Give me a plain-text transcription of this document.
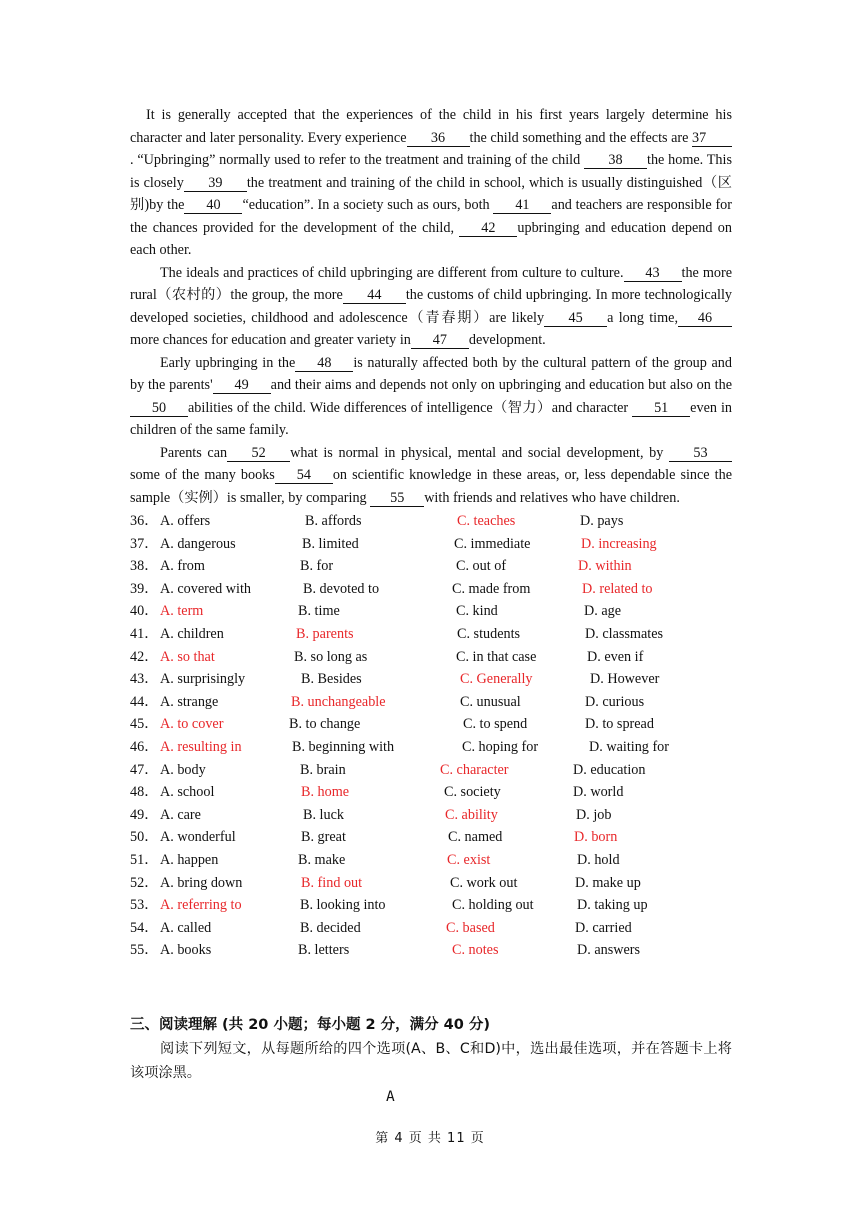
It is generally accepted that the experiences of the child in his first years largely determine his character and later personality. Every experience 36 the child something and the effects are 37. “Upbringing” normally used to refer to the treatment and training of the child 38 the home. This is closely 39 the treatment and training of the child in school, which is usually distinguished（区别)by the 40 “education”. In a society such as ours, both 41 and teachers are responsible for the chances provided for the development of the child, 42 upbringing and education depend on each other.

The ideals and practices of child upbringing are different from culture to culture. 43 the more rural（农村的）the group, the more 44 the customs of child upbringing. In more technologically developed societies, childhood and adolescence（青春期）are likely 45 a long time, 46more chances for education and greater variety in 47 development.

Early upbringing in the 48 is naturally affected both by the cultural pattern of the group and by the parents' 49 and their aims and depends not only on upbringing and education but also on the50 abilities of the child. Wide differences of intelligence（智力）and character 51 even in children of the same family.

Parents can 52 what is normal in physical, mental and social development, by 53some of the many books 54 on scientific knowledge in these areas, or, less dependable since the sample（实例）is smaller, by comparing 55 with friends and relatives who have children.

36． A. offers	B. affords	C. teaches	D. pays
37． A. dangerous	B. limited	C. immediate	D. increasing
38． A. from	B. for	C. out of	D. within
39． A. covered with	B. devoted to	C. made from	D. related to
40． A. term	B. time	C. kind	D. age
41． A. children	B. parents	C. students	D. classmates
42． A. so that	B. so long as	C. in that case	D. even if
43． A. surprisingly	B. Besides	C. Generally	D. However
44． A. strange	B. unchangeable	C. unusual	D. curious
45． A. to cover	B. to change	C. to spend	D. to spread
46． A. resulting in	B. beginning with	C. hoping for	D. waiting for
47． A. body	B. brain	C. character	D. education
48． A. school	B. home	C. society	D. world
49． A. care	B. luck	C. ability	D. job
50． A. wonderful	B. great	C. named	D. born
51． A. happen	B. make	C. exist	D. hold
52． A. bring down	B. find out	C. work out	D. make up
53． A. referring to	B. looking into	C. holding out	D. taking up
54． A. called	B. decided	C. based	D. carried
55． A. books	B. letters	C. notes	D. answers
三、阅读理解 (共 20 小题；每小题 2 分，满分 40 分)
阅读下列短文，从每题所给的四个选项(A、B、C和D)中，选出最佳选项，并在答题卡上将该项涂黑。
A
第 4 页 共 11 页
